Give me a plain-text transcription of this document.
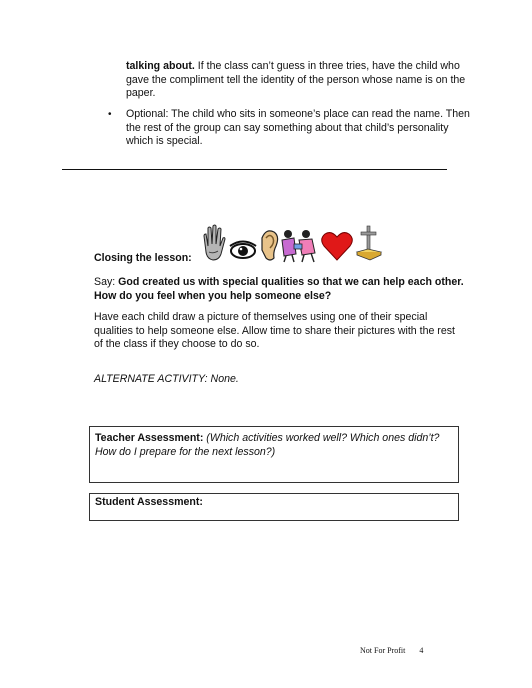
talking about. If the class can’t guess in three tries, have the child who gave the compliment tell the identity of the person whose name is on the paper.
• Optional: The child who sits in someone’s place can read the name. Then the rest of the group can say something about that child’s personality which is special.
Closing the lesson:
Say: God created us with special qualities so that we can help each other. How do you feel when you help someone else?
Have each child draw a picture of themselves using one of their special qualities to help someone else. Allow time to share their pictures with the rest of the class if they choose to do so.
ALTERNATE ACTIVITY: None.
Teacher Assessment: (Which activities worked well? Which ones didn’t? How do I prepare for the next lesson?)
Student Assessment:
Not For Profit 4
